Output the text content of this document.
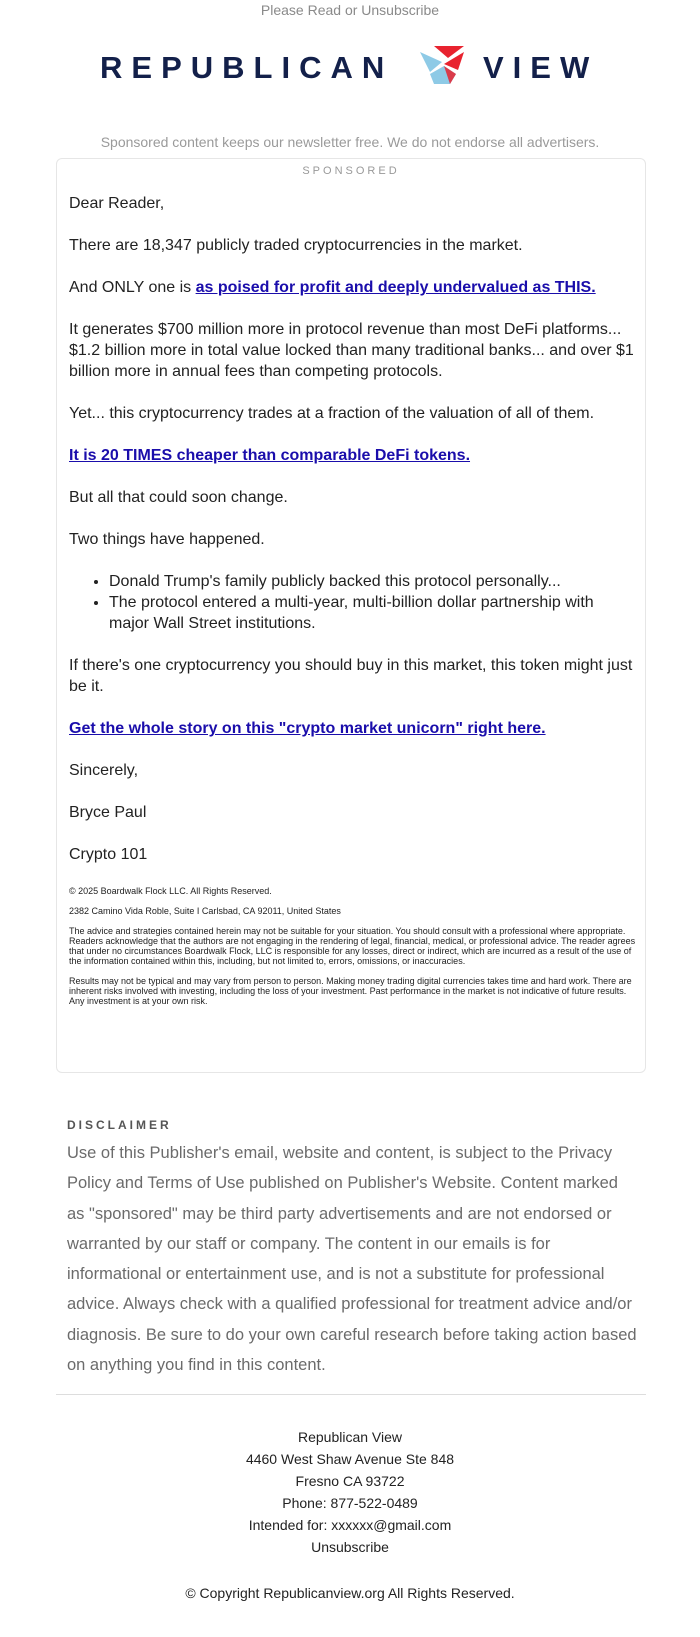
Please Read or Unsubscribe
REPUBLICAN	VIEW
Sponsored content keeps our newsletter free. We do not endorse all advertisers.
SPONSORED

Dear Reader,

There are 18,347 publicly traded cryptocurrencies in the market.

And ONLY one is as poised for profit and deeply undervalued as THIS.

It generates $700 million more in protocol revenue than most DeFi platforms... $1.2 billion more in total value locked than many traditional banks... and over $1 billion more in annual fees than competing protocols.

Yet... this cryptocurrency trades at a fraction of the valuation of all of them.

It is 20 TIMES cheaper than comparable DeFi tokens.

But all that could soon change.

Two things have happened.

• Donald Trump's family publicly backed this protocol personally...
• The protocol entered a multi-year, multi-billion dollar partnership with major Wall Street institutions.

If there's one cryptocurrency you should buy in this market, this token might just be it.

Get the whole story on this "crypto market unicorn" right here.

Sincerely,

Bryce Paul

Crypto 101

© 2025 Boardwalk Flock LLC. All Rights Reserved.

2382 Camino Vida Roble, Suite I Carlsbad, CA 92011, United States

The advice and strategies contained herein may not be suitable for your situation. You should consult with a professional where appropriate. Readers acknowledge that the authors are not engaging in the rendering of legal, financial, medical, or professional advice. The reader agrees that under no circumstances Boardwalk Flock, LLC is responsible for any losses, direct or indirect, which are incurred as a result of the use of the information contained within this, including, but not limited to, errors, omissions, or inaccuracies.

Results may not be typical and may vary from person to person. Making money trading digital currencies takes time and hard work. There are inherent risks involved with investing, including the loss of your investment. Past performance in the market is not indicative of future results. Any investment is at your own risk.

DISCLAIMER
Use of this Publisher's email, website and content, is subject to the Privacy Policy and Terms of Use published on Publisher's Website. Content marked as "sponsored" may be third party advertisements and are not endorsed or warranted by our staff or company. The content in our emails is for informational or entertainment use, and is not a substitute for professional advice. Always check with a qualified professional for treatment advice and/or diagnosis. Be sure to do your own careful research before taking action based on anything you find in this content.
Republican View
4460 West Shaw Avenue Ste 848
Fresno CA 93722
Phone: 877-522-0489
Intended for: xxxxxx@gmail.com
Unsubscribe
© Copyright Republicanview.org All Rights Reserved.
